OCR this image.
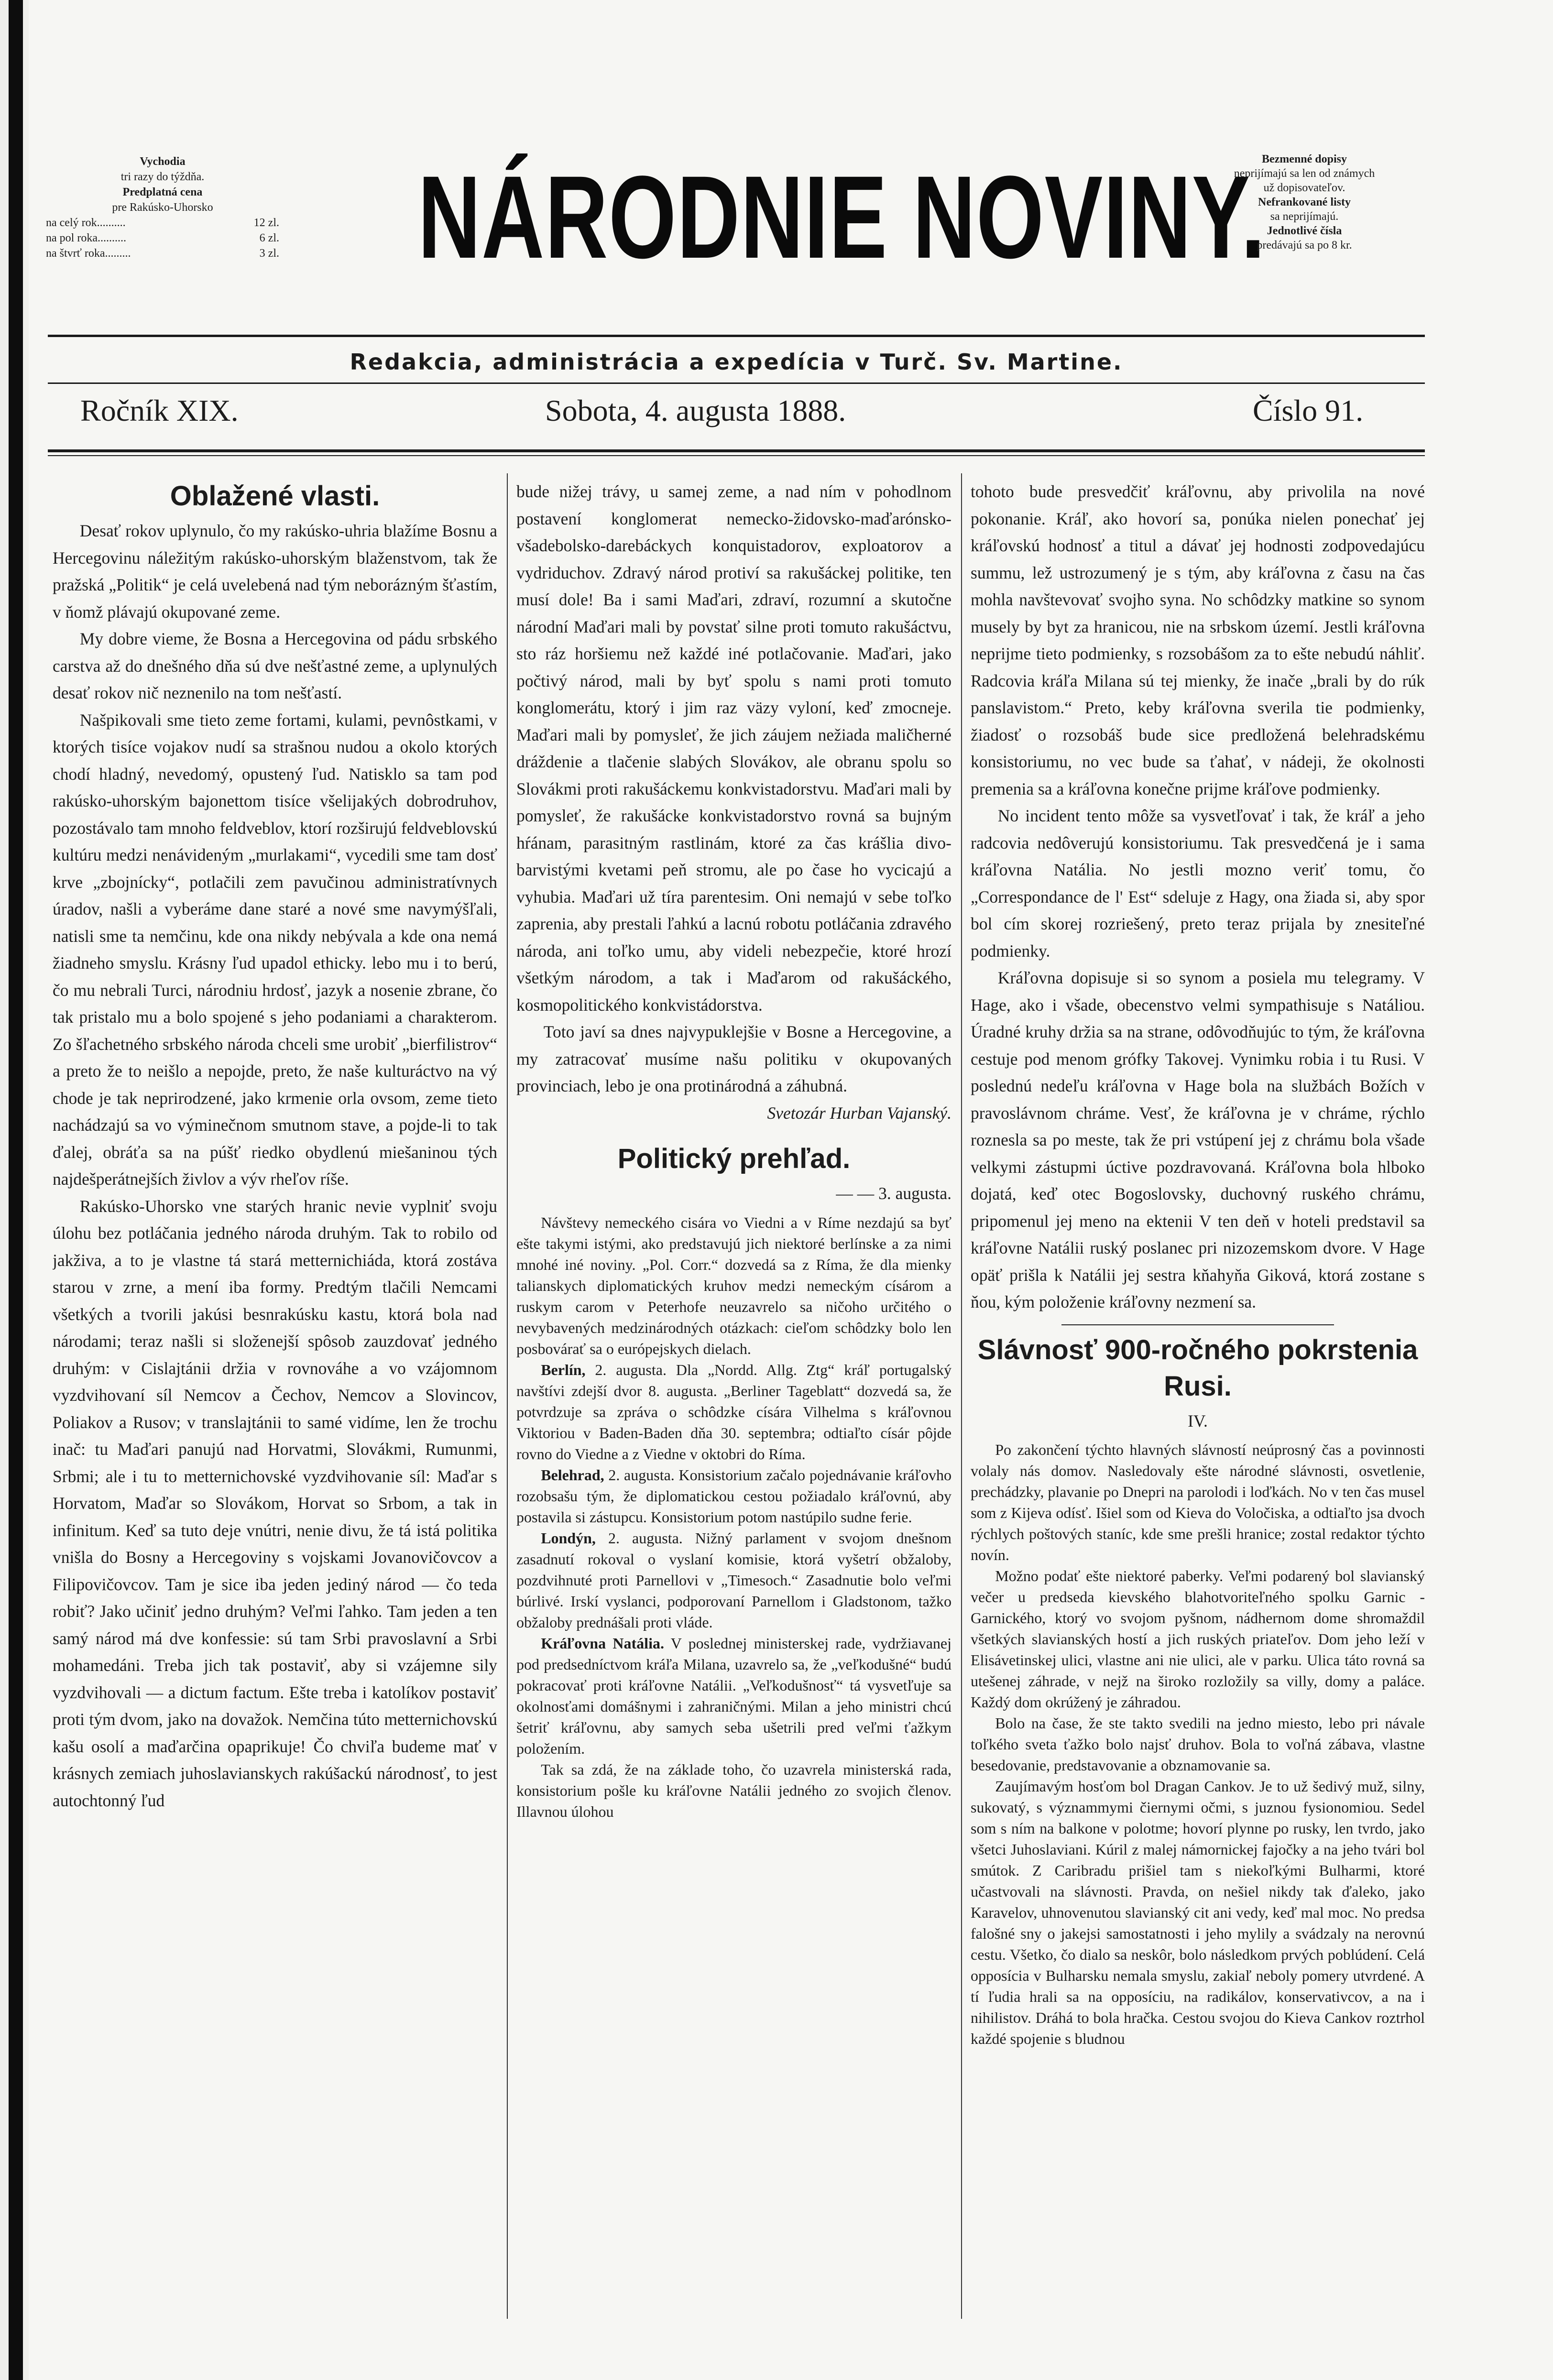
Vychodia
tri razy do týždňa.
Predplatná cena
pre Rakúsko-Uhorsko
na celý rok..........	12 zl.
na pol roka..........	6 zl.
na štvrť roka.........	3 zl. NÁRODNIE NOVINY.
Bezmenné dopisy
neprijímajú sa len od známych
už dopisovateľov.
Nefrankované listy
sa neprijímajú.
Jednotlivé čísla
predávajú sa po 8 kr.
Redakcia, administrácia a expedícia v Turč. Sv. Martine.
Ročník XIX.	Sobota, 4. augusta 1888.	Číslo 91.
Oblažené vlasti.

Desať rokov uplynulo, čo my rakúsko-uhria blažíme Bosnu a Hercegovinu náležitým rakúsko-uhorským blaženstvom, tak že pražská „Politik“ je celá uvelebená nad tým neborázným šťastím, v ňomž plávajú okupované zeme.

My dobre vieme, že Bosna a Hercegovina od pádu srbského carstva až do dnešného dňa sú dve nešťastné zeme, a uplynulých desať rokov nič neznenilo na tom nešťastí.

Našpikovali sme tieto zeme fortami, kulami, pevnôstkami, v ktorých tisíce vojakov nudí sa strašnou nudou a okolo ktorých chodí hladný, nevedomý, opustený ľud. Natisklo sa tam pod rakúsko-uhorským bajonettom tisíce všelijakých dobrodruhov, pozostávalo tam mnoho feldveblov, ktorí rozširujú feldveblovskú kultúru medzi nenávideným „murlakami“, vycedili sme tam dosť krve „zbojnícky“, potlačili zem pavučinou administratívnych úradov, našli a vyberáme dane staré a nové sme navymýšľali, natisli sme ta nemčinu, kde ona nikdy nebývala a kde ona nemá žiadneho smyslu. Krásny ľud upadol ethicky. lebo mu i to berú, čo mu nebrali Turci, národniu hrdosť, jazyk a nosenie zbrane, čo tak pristalo mu a bolo spojené s jeho podaniami a charakterom. Zo šľachetného srbského národa chceli sme urobiť „bierfilistrov“ a preto že to neišlo a nepojde, preto, že naše kulturáctvo na vý chode je tak neprirodzené, jako krmenie orla ovsom, zeme tieto nachádzajú sa vo výminečnom smutnom stave, a pojde-li to tak ďalej, obráťa sa na púšť riedko obydlenú miešaninou tých najdešperátnejších živlov a výv rheľov ríše.

Rakúsko-Uhorsko vne starých hranic nevie vyplniť svoju úlohu bez potláčania jedného národa druhým. Tak to robilo od jakživa, a to je vlastne tá stará metternichiáda, ktorá zostáva starou v zrne, a mení iba formy. Predtým tlačili Nemcami všetkých a tvorili jakúsi besnrakúsku kastu, ktorá bola nad národami; teraz našli si složenejší spôsob zauzdovať jedného druhým: v Cislajtánii držia v rovnováhe a vo vzájomnom vyzdvihovaní síl Nemcov a Čechov, Nemcov a Slovincov, Poliakov a Rusov; v translajtánii to samé vidíme, len že trochu inač: tu Maďari panujú nad Horvatmi, Slovákmi, Rumunmi, Srbmi; ale i tu to metternichovské vyzdvihovanie síl: Maďar s Horvatom, Maďar so Slovákom, Horvat so Srbom, a tak in infinitum. Keď sa tuto deje vnútri, nenie divu, že tá istá politika vnišla do Bosny a Hercegoviny s vojskami Jovanovičovcov a Filipovičovcov. Tam je sice iba jeden jediný národ — čo teda robiť? Jako učiniť jedno druhým? Veľmi ľahko. Tam jeden a ten samý národ má dve konfessie: sú tam Srbi pravoslavní a Srbi mohamedáni. Treba jich tak postaviť, aby si vzájemne sily vyzdvihovali — a dictum factum. Ešte treba i katolíkov postaviť proti tým dvom, jako na dovažok. Nemčina túto metternichovskú kašu osolí a maďarčina opaprikuje! Čo chviľa budeme mať v krásnych zemiach juhoslavianskych rakúšackú národnosť, to jest autochtonný ľud

bude nižej trávy, u samej zeme, a nad ním v pohodlnom postavení konglomerat nemecko-židovsko-maďarónsko-všadebolsko-darebáckych konquistadorov, exploatorov a vydriduchov. Zdravý národ protiví sa rakušáckej politike, ten musí dole! Ba i sami Maďari, zdraví, rozumní a skutočne národní Maďari mali by povstať silne proti tomuto rakušáctvu, sto ráz horšiemu než každé iné potlačovanie. Maďari, jako počtivý národ, mali by byť spolu s nami proti tomuto konglomerátu, ktorý i jim raz väzy vyloní, keď zmocneje. Maďari mali by pomysleť, že jich záujem nežiada maličherné dráždenie a tlačenie slabých Slovákov, ale obranu spolu so Slovákmi proti rakušáckemu konkvistadorstvu. Maďari mali by pomysleť, že rakušácke konkvistadorstvo rovná sa bujným hŕánam, parasitným rastlinám, ktoré za čas krášlia divo-barvistými kvetami peň stromu, ale po čase ho vycicajú a vyhubia. Maďari už tíra parentesim. Oni nemajú v sebe toľko zaprenia, aby prestali ľahkú a lacnú robotu potláčania zdravého národa, ani toľko umu, aby videli nebezpečie, ktoré hrozí všetkým národom, a tak i Maďarom od rakušáckého, kosmopolitického konkvistádorstva.

Toto javí sa dnes najvypuklejšie v Bosne a Hercegovine, a my zatracovať musíme našu politiku v okupovaných provinciach, lebo je ona protinárodná a záhubná.

Svetozár Hurban Vajanský.

Politický prehľad.

— — 3. augusta.

Návštevy nemeckého cisára vo Viedni a v Ríme nezdajú sa byť ešte takymi istými, ako predstavujú jich niektoré berlínske a za nimi mnohé iné noviny. „Pol. Corr.“ dozvedá sa z Ríma, že dla mienky talianskych diplomatických kruhov medzi nemeckým císárom a ruskym carom v Peterhofe neuzavrelo sa ničoho určitého o nevybavených medzinárodných otázkach: cieľom schôdzky bolo len posbovárať sa o európejskych dielach.

Berlín, 2. augusta. Dla „Nordd. Allg. Ztg“ kráľ portugalský navštívi zdejší dvor 8. augusta. „Berliner Tageblatt“ dozvedá sa, že potvrdzuje sa zpráva o schôdzke císára Vilhelma s kráľovnou Viktoriou v Baden-Baden dňa 30. septembra; odtiaľto císár pôjde rovno do Viedne a z Viedne v oktobri do Ríma.

Belehrad, 2. augusta. Konsistorium začalo pojednávanie kráľovho rozobsašu tým, že diplomatickou cestou požiadalo kráľovnú, aby postavila si zástupcu. Konsistorium potom nastúpilo sudne ferie.

Londýn, 2. augusta. Nižný parlament v svojom dnešnom zasadnutí rokoval o vyslaní komisie, ktorá vyšetrí obžaloby, pozdvihnuté proti Parnellovi v „Timesoch.“ Zasadnutie bolo veľmi búrlivé. Irskí vyslanci, podporovaní Parnellom i Gladstonom, tažko obžaloby prednášali proti vláde.

Kráľovna Natália. V poslednej ministerskej rade, vydržiavanej pod predsedníctvom kráľa Milana, uzavrelo sa, že „veľkodušné“ budú pokracovať proti kráľovne Natálii. „Veľkodušnosť“ tá vysvetľuje sa okolnosťami domášnymi i zahraničnými. Milan a jeho ministri chcú šetriť kráľovnu, aby samych seba ušetrili pred veľmi ťažkym položením.

Tak sa zdá, že na základe toho, čo uzavrela ministerská rada, konsistorium pošle ku kráľovne Natálii jedného zo svojich členov. Illavnou úlohou

tohoto bude presvedčiť kráľovnu, aby privolila na nové pokonanie. Kráľ, ako hovorí sa, ponúka nielen ponechať jej kráľovskú hodnosť a titul a dávať jej hodnosti zodpovedajúcu summu, lež ustrozumený je s tým, aby kráľovna z času na čas mohla navštevovať svojho syna. No schôdzky matkine so synom musely by byt za hranicou, nie na srbskom území. Jestli kráľovna neprijme tieto podmienky, s rozsobášom za to ešte nebudú náhliť. Radcovia kráľa Milana sú tej mienky, že inače „brali by do rúk panslavistom.“ Preto, keby kráľovna sverila tie podmienky, žiadosť o rozsobáš bude sice predložená belehradskému konsistoriumu, no vec bude sa ťahať, v nádeji, že okolnosti premenia sa a kráľovna konečne prijme kráľove podmienky.

No incident tento môže sa vysvetľovať i tak, že kráľ a jeho radcovia nedôverujú konsistoriumu. Tak presvedčená je i sama kráľovna Natália. No jestli mozno veriť tomu, čo „Correspondance de l' Est“ sdeluje z Hagy, ona žiada si, aby spor bol cím skorej rozriešený, preto teraz prijala by znesiteľné podmienky.

Kráľovna dopisuje si so synom a posiela mu telegramy. V Hage, ako i všade, obecenstvo velmi sympathisuje s Natáliou. Úradné kruhy držia sa na strane, odôvodňujúc to tým, že kráľovna cestuje pod menom grófky Takovej. Vynimku robia i tu Rusi. V poslednú nedeľu kráľovna v Hage bola na službách Božích v pravoslávnom chráme. Vesť, že kráľovna je v chráme, rýchlo roznesla sa po meste, tak že pri vstúpení jej z chrámu bola všade velkymi zástupmi úctive pozdravovaná. Kráľovna bola hlboko dojatá, keď otec Bogoslovsky, duchovný ruského chrámu, pripomenul jej meno na ektenii V ten deň v hoteli predstavil sa kráľovne Natálii ruský poslanec pri nizozemskom dvore. V Hage opäť prišla k Natálii jej sestra kňahyňa Giková, ktorá zostane s ňou, kým položenie kráľovny nezmení sa.

Slávnosť 900-ročného pokrstenia Rusi.

IV.

Po zakončení týchto hlavných slávností neúprosný čas a povinnosti volaly nás domov. Nasledovaly ešte národné slávnosti, osvetlenie, prechádzky, plavanie po Dnepri na parolodi i loďkách. No v ten čas musel som z Kijeva odísť. Išiel som od Kieva do Voločiska, a odtiaľto jsa dvoch rýchlych poštových staníc, kde sme prešli hranice; zostal redaktor týchto novín.

Možno podať ešte niektoré paberky. Veľmi podarený bol slavianský večer u predseda kievského blahotvoriteľného spolku Garnic - Garnického, ktorý vo svojom pyšnom, nádhernom dome shromaždil všetkých slavianských hostí a jich ruských priateľov. Dom jeho leží v Elisávetinskej ulici, vlastne ani nie ulici, ale v parku. Ulica táto rovná sa utešenej záhrade, v nejž na široko rozložily sa villy, domy a paláce. Každý dom okrúžený je záhradou.

Bolo na čase, že ste takto svedili na jedno miesto, lebo pri návale toľkého sveta ťažko bolo najsť druhov. Bola to voľná zábava, vlastne besedovanie, predstavovanie a obznamovanie sa.

Zaujímavým hosťom bol Dragan Cankov. Je to už šedivý muž, silny, sukovatý, s význammymi čiernymi očmi, s juznou fysionomiou. Sedel som s ním na balkone v polotme; hovorí plynne po rusky, len tvrdo, jako všetci Juhoslaviani. Kúril z malej námornickej fajočky a na jeho tvári bol smútok. Z Caribradu prišiel tam s niekoľkými Bulharmi, ktoré učastvovali na slávnosti. Pravda, on nešiel nikdy tak ďaleko, jako Karavelov, uhnovenutou slavianský cit ani vedy, keď mal moc. No predsa falošné sny o jakejsi samostatnosti i jeho mylily a svádzaly na nerovnú cestu. Všetko, čo dialo sa neskôr, bolo následkom prvých poblúdení. Celá opposícia v Bulharsku nemala smyslu, zakiaľ neboly pomery utvrdené. A tí ľudia hrali sa na opposíciu, na radikálov, konservativcov, a na i nihilistov. Dráhá to bola hračka. Cestou svojou do Kieva Cankov roztrhol každé spojenie s bludnou
